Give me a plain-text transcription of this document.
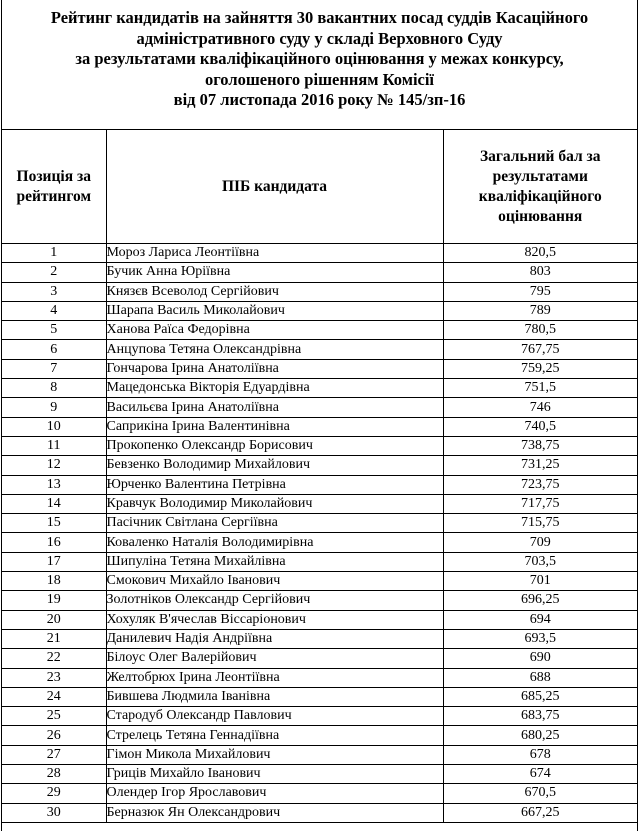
Рейтинг кандидатів на зайняття 30 вакантних посад суддів Касаційного
адміністративного суду у складі Верховного Суду
за результатами кваліфікаційного оцінювання у межах конкурсу,
оголошеного рішенням Комісії
від 07 листопада 2016 року № 145/зп-16
Позиція за рейтингом	ПІБ кандидата	Загальний бал за результатами кваліфікаційного оцінювання
1	Мороз Лариса Леонтіївна	820,5
2	Бучик Анна Юріївна	803
3	Князєв Всеволод Сергійович	795
4	Шарапа Василь Миколайович	789
5	Ханова Раїса Федорівна	780,5
6	Анцупова Тетяна Олександрівна	767,75
7	Гончарова Ірина Анатоліївна	759,25
8	Мацедонська Вікторія Едуардівна	751,5
9	Васильєва Ірина Анатоліївна	746
10	Саприкіна Ірина Валентинівна	740,5
11	Прокопенко Олександр Борисович	738,75
12	Бевзенко Володимир Михайлович	731,25
13	Юрченко Валентина Петрівна	723,75
14	Кравчук Володимир Миколайович	717,75
15	Пасічник Світлана Сергіївна	715,75
16	Коваленко Наталія Володимирівна	709
17	Шипуліна Тетяна Михайлівна	703,5
18	Смокович Михайло Іванович	701
19	Золотніков Олександр Сергійович	696,25
20	Хохуляк В'ячеслав Віссаріонович	694
21	Данилевич Надія Андріївна	693,5
22	Білоус Олег Валерійович	690
23	Желтобрюх Ірина Леонтіївна	688
24	Бившева Людмила Іванівна	685,25
25	Стародуб Олександр Павлович	683,75
26	Стрелець Тетяна Геннадіївна	680,25
27	Гімон Микола Михайлович	678
28	Грицiв Михайло Іванович	674
29	Олендер Ігор Ярославович	670,5
30	Берназюк Ян Олександрович	667,25
